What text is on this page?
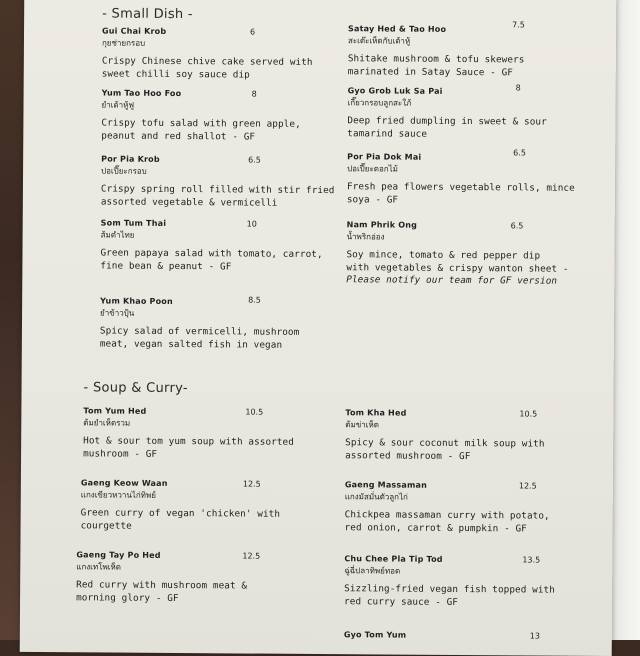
- Small Dish -
Gui Chai Krob
กุยช่ายกรอบ
6
Crispy Chinese chive cake served with
sweet chilli soy sauce dip
Satay Hed & Tao Hoo
สะเต๊ะเห็ดกับเต้าหู้
7.5
Shitake mushroom & tofu skewers
marinated in Satay Sauce - GF
Yum Tao Hoo Foo
ยำเต้าหู้ฟู
8
Crispy tofu salad with green apple,
peanut and red shallot - GF
Gyo Grob Luk Sa Pai
เกี๊ยวกรอบลูกสะใภ้
8
Deep fried dumpling in sweet & sour
tamarind sauce
Por Pia Krob
ปอเปี๊ยะกรอบ
6.5
Crispy spring roll filled with stir fried
assorted vegetable & vermicelli
Por Pia Dok Mai
ปอเปี๊ยะดอกไม้
6.5
Fresh pea flowers vegetable rolls, mince
soya - GF
Som Tum Thai
ส้มตำไทย
10
Green papaya salad with tomato, carrot,
fine bean & peanut - GF
Nam Phrik Ong
น้ำพริกอ่อง
6.5
Soy mince, tomato & red pepper dip
with vegetables & crispy wanton sheet -
Please notify our team for GF version
Yum Khao Poon
ยำข้าวปุ้น
8.5
Spicy salad of vermicelli, mushroom
meat, vegan salted fish in vegan
- Soup & Curry-
Tom Yum Hed
ต้มยำเห็ดรวม
10.5
Hot & sour tom yum soup with assorted
mushroom - GF
Tom Kha Hed
ต้มข่าเห็ด
10.5
Spicy & sour coconut milk soup with
assorted mushroom - GF
Gaeng Keow Waan
แกงเขียวหวานไก่ทิพย์
12.5
Green curry of vegan 'chicken' with
courgette
Gaeng Massaman
แกงมัสมั่นตัวลูกไก่
12.5
Chickpea massaman curry with potato,
red onion, carrot & pumpkin - GF
Gaeng Tay Po Hed
แกงเทโพเห็ด
12.5
Red curry with mushroom meat &
morning glory - GF
Chu Chee Pla Tip Tod
ฉู่ฉี่ปลาทิพย์ทอด
13.5
Sizzling-fried vegan fish topped with
red curry sauce - GF
Gyo Tom Yum	13
